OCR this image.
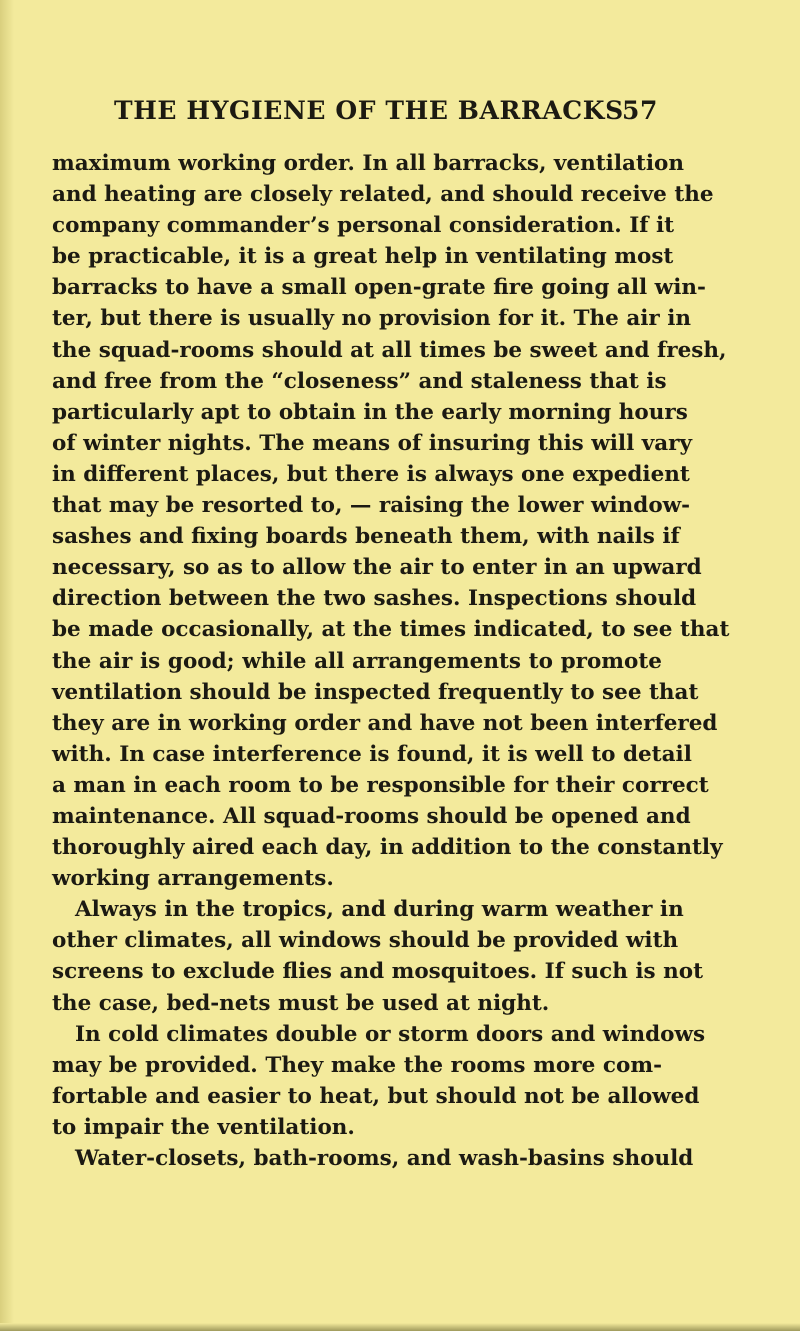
THE HYGIENE OF THE BARRACKS
57
maximum working order. In all barracks, ventilation
and heating are closely related, and should receive the
company commander’s personal consideration. If it
be practicable, it is a great help in ventilating most
barracks to have a small open-grate fire going all win-
ter, but there is usually no provision for it. The air in
the squad-rooms should at all times be sweet and fresh,
and free from the “closeness” and staleness that is
particularly apt to obtain in the early morning hours
of winter nights. The means of insuring this will vary
in different places, but there is always one expedient
that may be resorted to, — raising the lower window-
sashes and fixing boards beneath them, with nails if
necessary, so as to allow the air to enter in an upward
direction between the two sashes. Inspections should
be made occasionally, at the times indicated, to see that
the air is good; while all arrangements to promote
ventilation should be inspected frequently to see that
they are in working order and have not been interfered
with. In case interference is found, it is well to detail
a man in each room to be responsible for their correct
maintenance. All squad-rooms should be opened and
thoroughly aired each day, in addition to the constantly
working arrangements.
Always in the tropics, and during warm weather in
other climates, all windows should be provided with
screens to exclude flies and mosquitoes. If such is not
the case, bed-nets must be used at night.
In cold climates double or storm doors and windows
may be provided. They make the rooms more com-
fortable and easier to heat, but should not be allowed
to impair the ventilation.
Water-closets, bath-rooms, and wash-basins should
